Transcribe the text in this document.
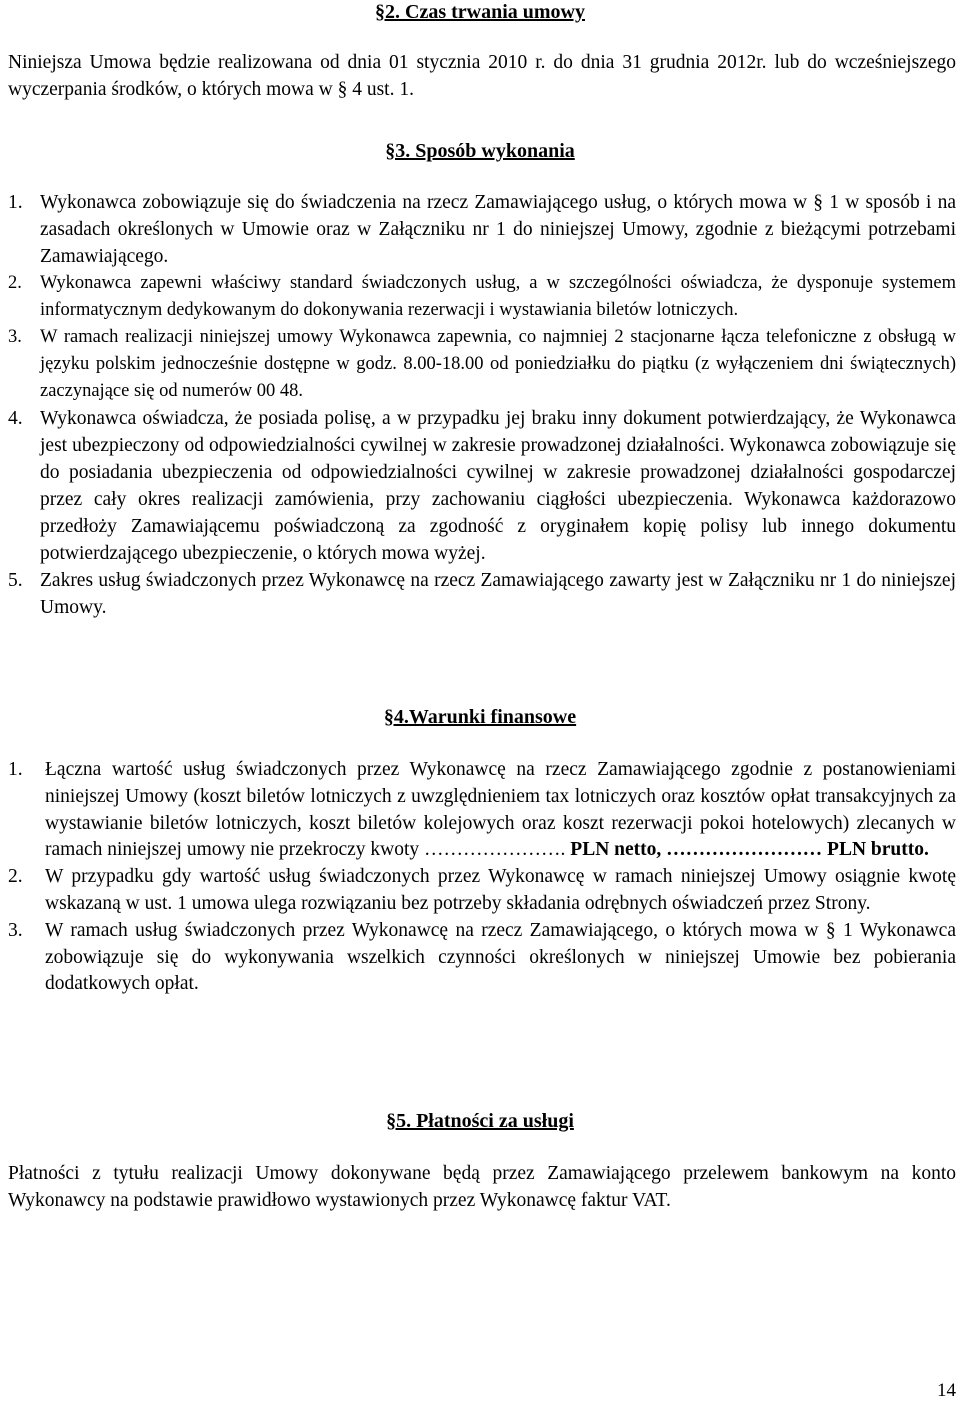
§2. Czas trwania umowy

Niniejsza Umowa będzie realizowana od dnia 01 stycznia 2010 r. do dnia 31 grudnia 2012r. lub do wcześniejszego wyczerpania środków, o których mowa w § 4 ust. 1.

§3. Sposób wykonania
1. Wykonawca zobowiązuje się do świadczenia na rzecz Zamawiającego usług, o których mowa w § 1 w sposób i na zasadach określonych w Umowie oraz w Załączniku nr 1 do niniejszej Umowy, zgodnie z bieżącymi potrzebami Zamawiającego.
2. Wykonawca zapewni właściwy standard świadczonych usług, a w szczególności oświadcza, że dysponuje systemem informatycznym dedykowanym do dokonywania rezerwacji i wystawiania biletów lotniczych.
3. W ramach realizacji niniejszej umowy Wykonawca zapewnia, co najmniej 2 stacjonarne łącza telefoniczne z obsługą w języku polskim jednocześnie dostępne w godz. 8.00-18.00 od poniedziałku do piątku (z wyłączeniem dni świątecznych) zaczynające się od numerów 00 48.
4. Wykonawca oświadcza, że posiada polisę, a w przypadku jej braku inny dokument potwierdzający, że Wykonawca jest ubezpieczony od odpowiedzialności cywilnej w zakresie prowadzonej działalności. Wykonawca zobowiązuje się do posiadania ubezpieczenia od odpowiedzialności cywilnej w zakresie prowadzonej działalności gospodarczej przez cały okres realizacji zamówienia, przy zachowaniu ciągłości ubezpieczenia. Wykonawca każdorazowo przedłoży Zamawiającemu poświadczoną za zgodność z oryginałem kopię polisy lub innego dokumentu potwierdzającego ubezpieczenie, o których mowa wyżej.
5. Zakres usług świadczonych przez Wykonawcę na rzecz Zamawiającego zawarty jest w Załączniku nr 1 do niniejszej Umowy.
§4.Warunki finansowe
1. Łączna wartość usług świadczonych przez Wykonawcę na rzecz Zamawiającego zgodnie z postanowieniami niniejszej Umowy (koszt biletów lotniczych z uwzględnieniem tax lotniczych oraz kosztów opłat transakcyjnych za wystawianie biletów lotniczych, koszt biletów kolejowych oraz koszt rezerwacji pokoi hotelowych) zlecanych w ramach niniejszej umowy nie przekroczy kwoty …………………. PLN netto, …………………… PLN brutto.
2. W przypadku gdy wartość usług świadczonych przez Wykonawcę w ramach niniejszej Umowy osiągnie kwotę wskazaną w ust. 1 umowa ulega rozwiązaniu bez potrzeby składania odrębnych oświadczeń przez Strony.
3. W ramach usług świadczonych przez Wykonawcę na rzecz Zamawiającego, o których mowa w § 1 Wykonawca zobowiązuje się do wykonywania wszelkich czynności określonych w niniejszej Umowie bez pobierania dodatkowych opłat.
§5. Płatności za usługi

Płatności z tytułu realizacji Umowy dokonywane będą przez Zamawiającego przelewem bankowym na konto Wykonawcy na podstawie prawidłowo wystawionych przez Wykonawcę faktur VAT.

14
